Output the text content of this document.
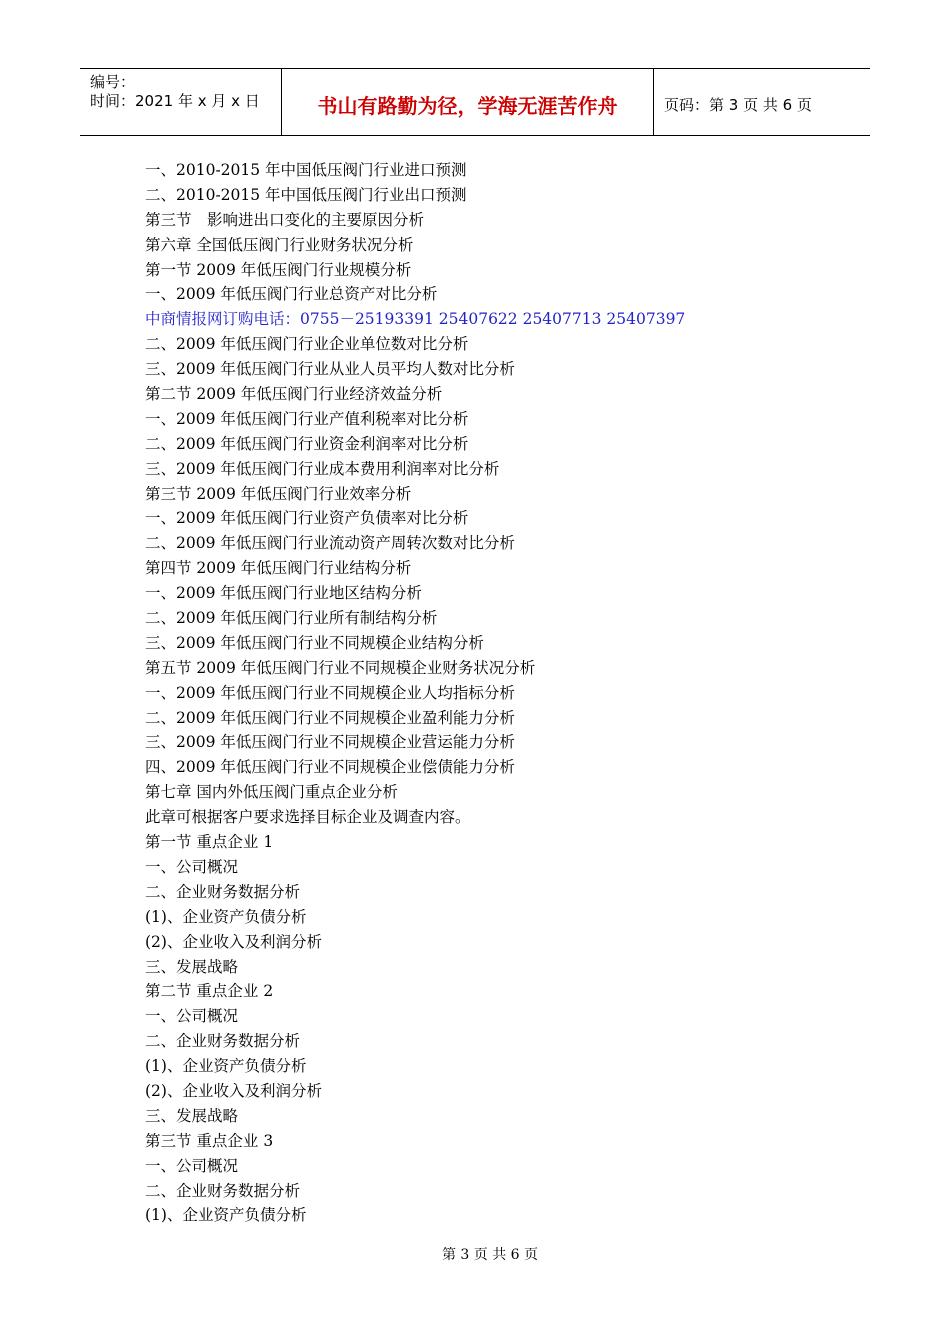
编号：
时间：2021 年 x 月 x 日	书山有路勤为径，学海无涯苦作舟	页码：第 3 页 共 6 页
一、2010-2015 年中国低压阀门行业进口预测
二、2010-2015 年中国低压阀门行业出口预测
第三节　影响进出口变化的主要原因分析
第六章 全国低压阀门行业财务状况分析
第一节 2009 年低压阀门行业规模分析
一、2009 年低压阀门行业总资产对比分析
中商情报网订购电话：0755－25193391 25407622 25407713 25407397
二、2009 年低压阀门行业企业单位数对比分析
三、2009 年低压阀门行业从业人员平均人数对比分析
第二节 2009 年低压阀门行业经济效益分析
一、2009 年低压阀门行业产值利税率对比分析
二、2009 年低压阀门行业资金利润率对比分析
三、2009 年低压阀门行业成本费用利润率对比分析
第三节 2009 年低压阀门行业效率分析
一、2009 年低压阀门行业资产负债率对比分析
二、2009 年低压阀门行业流动资产周转次数对比分析
第四节 2009 年低压阀门行业结构分析
一、2009 年低压阀门行业地区结构分析
二、2009 年低压阀门行业所有制结构分析
三、2009 年低压阀门行业不同规模企业结构分析
第五节 2009 年低压阀门行业不同规模企业财务状况分析
一、2009 年低压阀门行业不同规模企业人均指标分析
二、2009 年低压阀门行业不同规模企业盈利能力分析
三、2009 年低压阀门行业不同规模企业营运能力分析
四、2009 年低压阀门行业不同规模企业偿债能力分析
第七章 国内外低压阀门重点企业分析
此章可根据客户要求选择目标企业及调查内容。
第一节 重点企业 1
一、公司概况
二、企业财务数据分析
(1)、企业资产负债分析
(2)、企业收入及利润分析
三、发展战略
第二节 重点企业 2
一、公司概况
二、企业财务数据分析
(1)、企业资产负债分析
(2)、企业收入及利润分析
三、发展战略
第三节 重点企业 3
一、公司概况
二、企业财务数据分析
(1)、企业资产负债分析
第 3 页 共 6 页
